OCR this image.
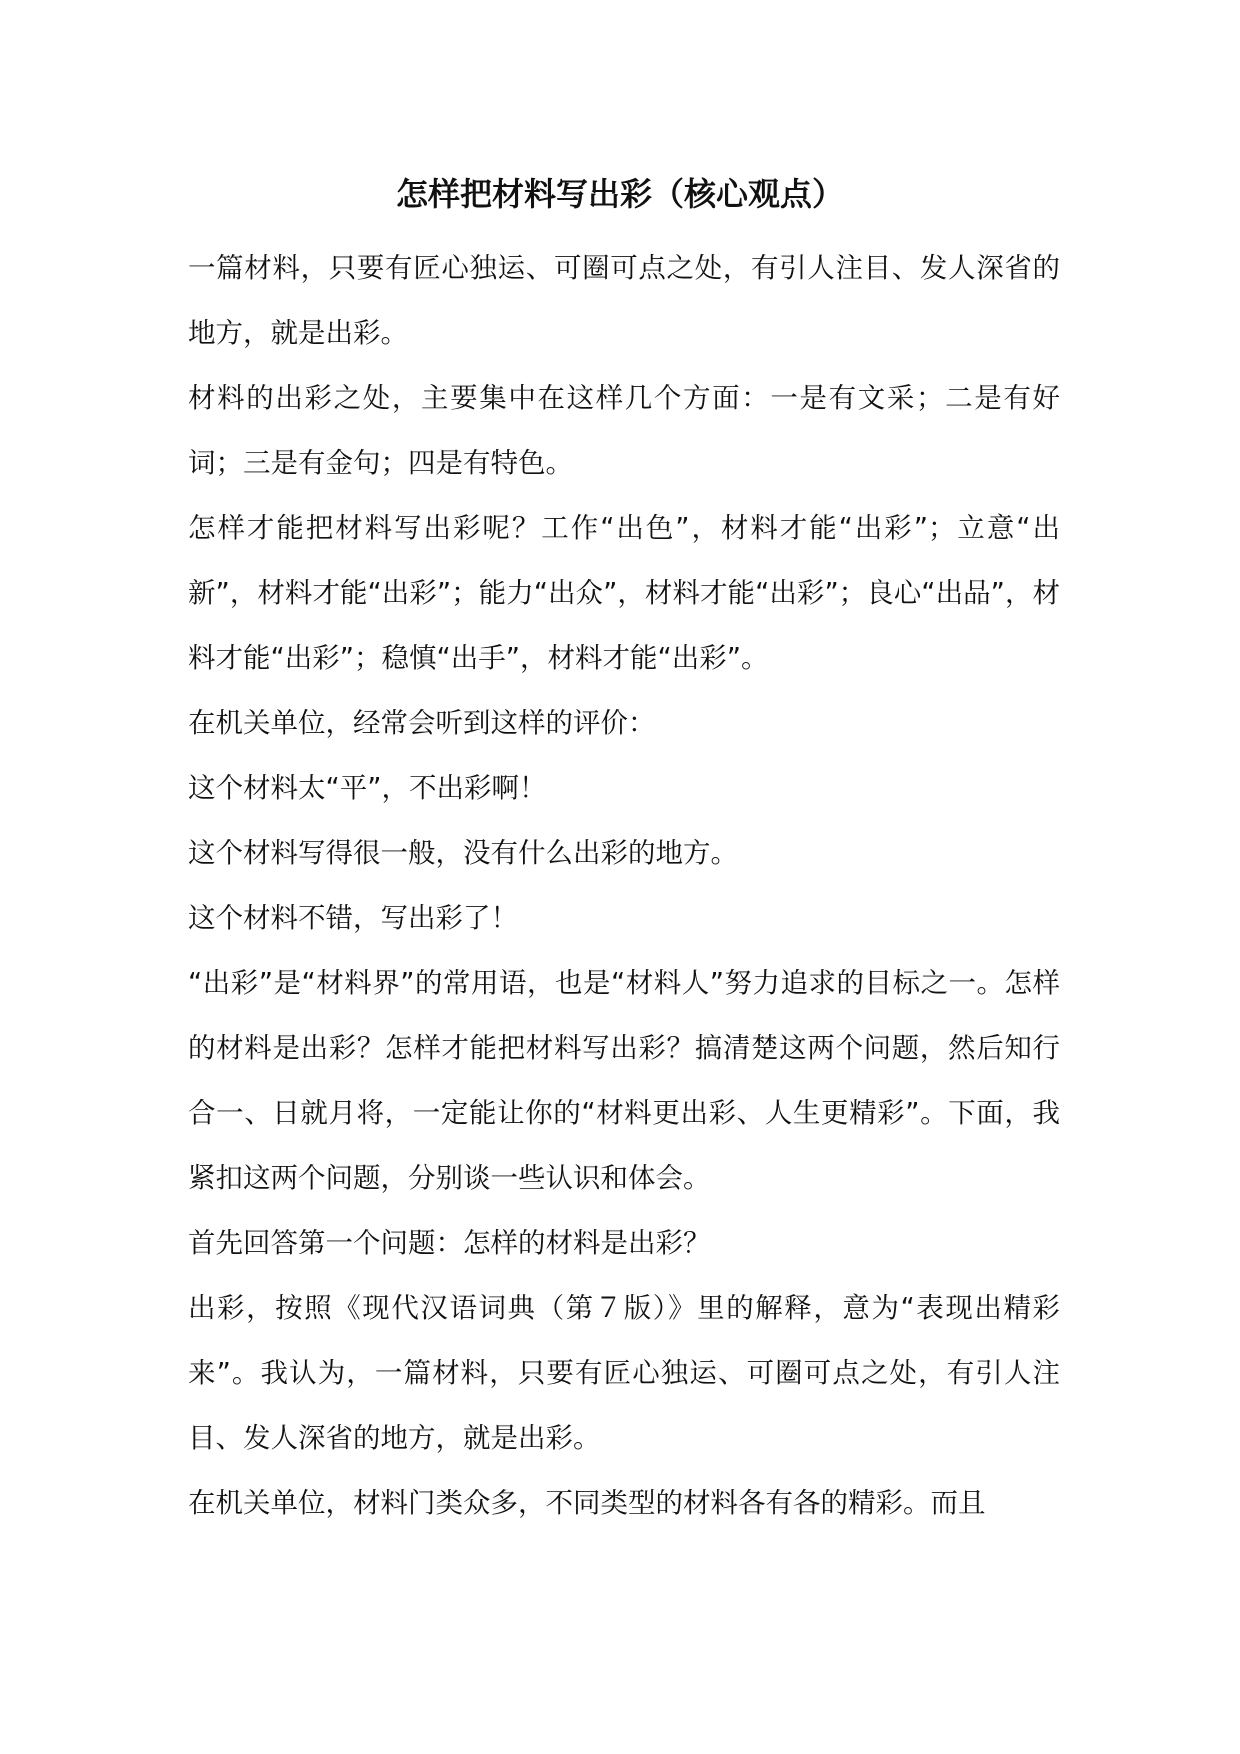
怎样把材料写出彩（核心观点）

一篇材料，只要有匠心独运、可圈可点之处，有引人注目、发人深省的地方，就是出彩。

材料的出彩之处，主要集中在这样几个方面：一是有文采；二是有好词；三是有金句；四是有特色。

怎样才能把材料写出彩呢？工作“出色”，材料才能“出彩”；立意“出新”，材料才能“出彩”；能力“出众”，材料才能“出彩”；良心“出品”，材料才能“出彩”；稳慎“出手”，材料才能“出彩”。

在机关单位，经常会听到这样的评价：

这个材料太“平”，不出彩啊！

这个材料写得很一般，没有什么出彩的地方。

这个材料不错，写出彩了！

“出彩”是“材料界”的常用语，也是“材料人”努力追求的目标之一。怎样的材料是出彩？怎样才能把材料写出彩？搞清楚这两个问题，然后知行合一、日就月将，一定能让你的“材料更出彩、人生更精彩”。下面，我紧扣这两个问题，分别谈一些认识和体会。

首先回答第一个问题：怎样的材料是出彩？

出彩，按照《现代汉语词典（第７版）》里的解释，意为“表现出精彩来”。我认为，一篇材料，只要有匠心独运、可圈可点之处，有引人注目、发人深省的地方，就是出彩。

在机关单位，材料门类众多，不同类型的材料各有各的精彩。而且
